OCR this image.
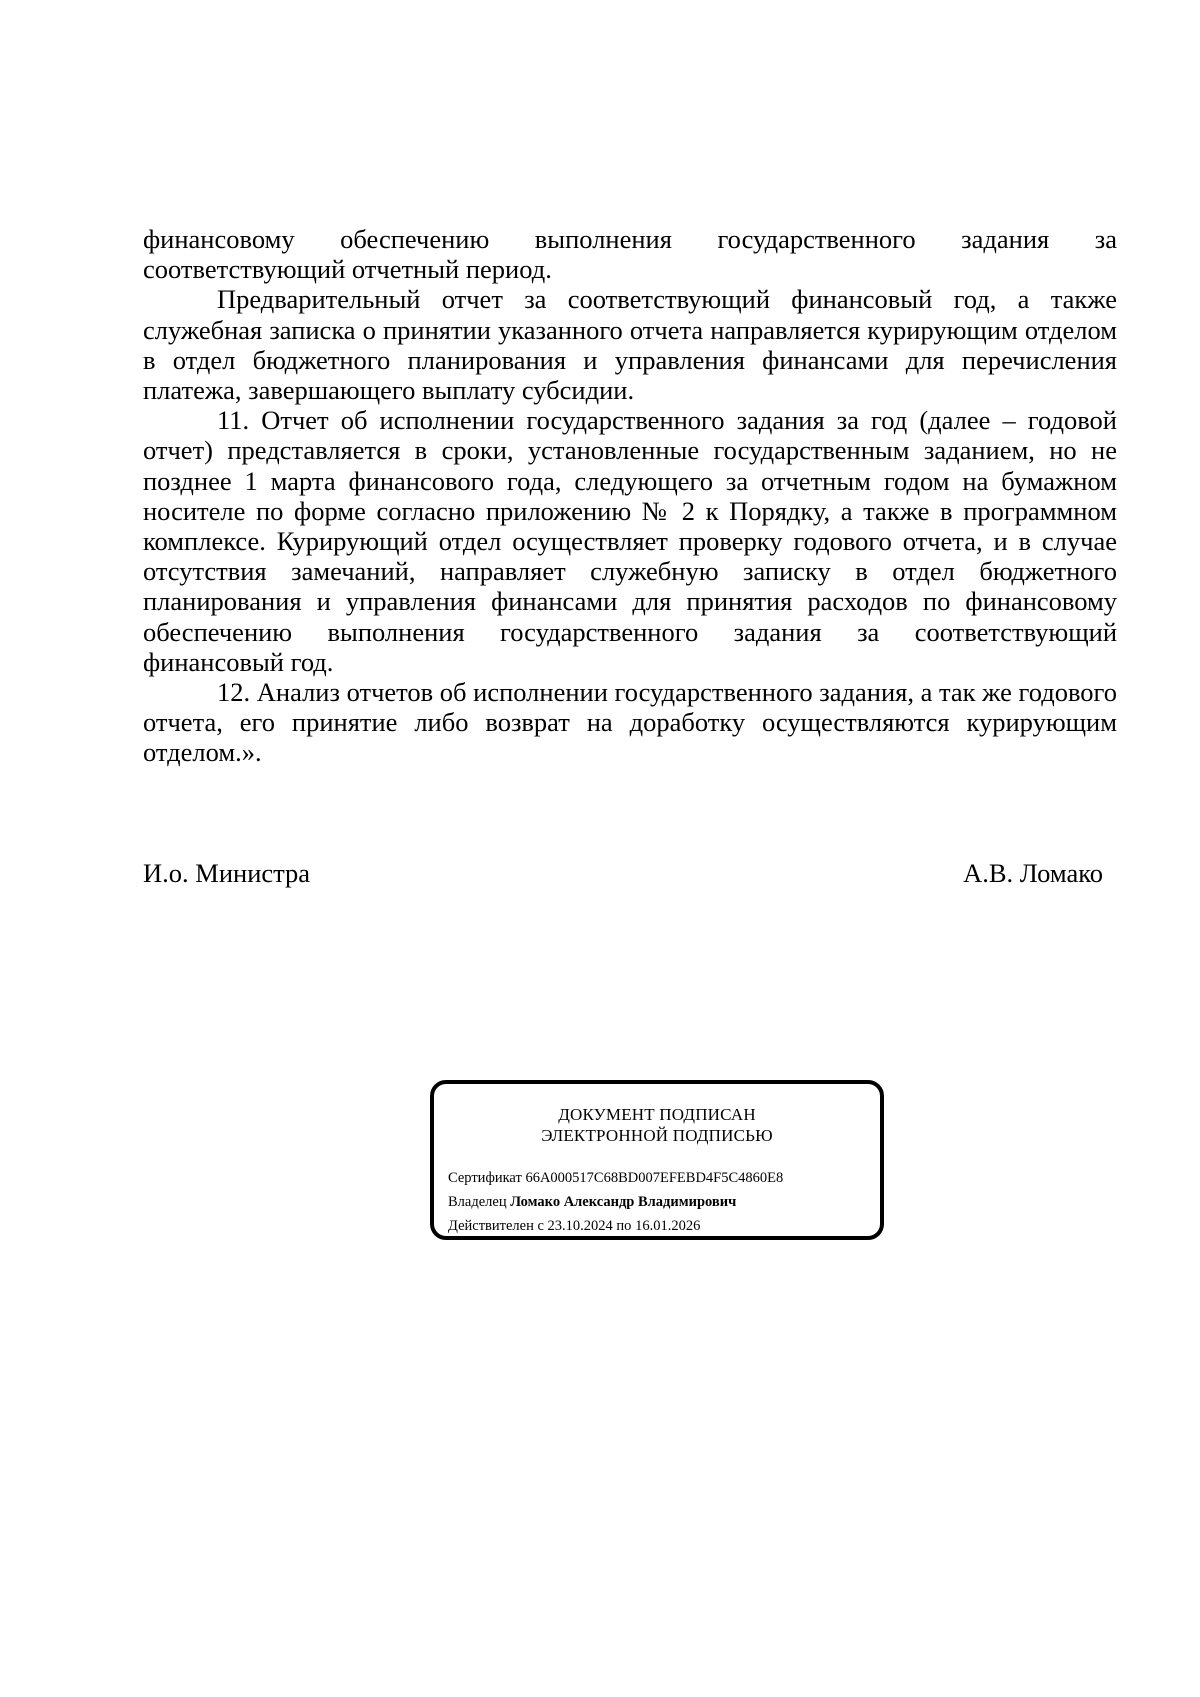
финансовому обеспечению выполнения государственного задания за соответствующий отчетный период.

Предварительный отчет за соответствующий финансовый год, а также служебная записка о принятии указанного отчета направляется курирующим отделом в отдел бюджетного планирования и управления финансами для перечисления платежа, завершающего выплату субсидии.

11. Отчет об исполнении государственного задания за год (далее – годовой отчет) представляется в сроки, установленные государственным заданием, но не позднее 1 марта финансового года, следующего за отчетным годом на бумажном носителе по форме согласно приложению № 2 к Порядку, а также в программном комплексе. Курирующий отдел осуществляет проверку годового отчета, и в случае отсутствия замечаний, направляет служебную записку в отдел бюджетного планирования и управления финансами для принятия расходов по финансовому обеспечению выполнения государственного задания за соответствующий финансовый год.

12. Анализ отчетов об исполнении государственного задания, а так же годового отчета, его принятие либо возврат на доработку осуществляются курирующим отделом.».

И.о. Министра	А.В. Ломако
ДОКУМЕНТ ПОДПИСАН
ЭЛЕКТРОННОЙ ПОДПИСЬЮ
Сертификат 66A000517C68BD007EFEBD4F5C4860E8
Владелец Ломако Александр Владимирович
Действителен с 23.10.2024 по 16.01.2026
